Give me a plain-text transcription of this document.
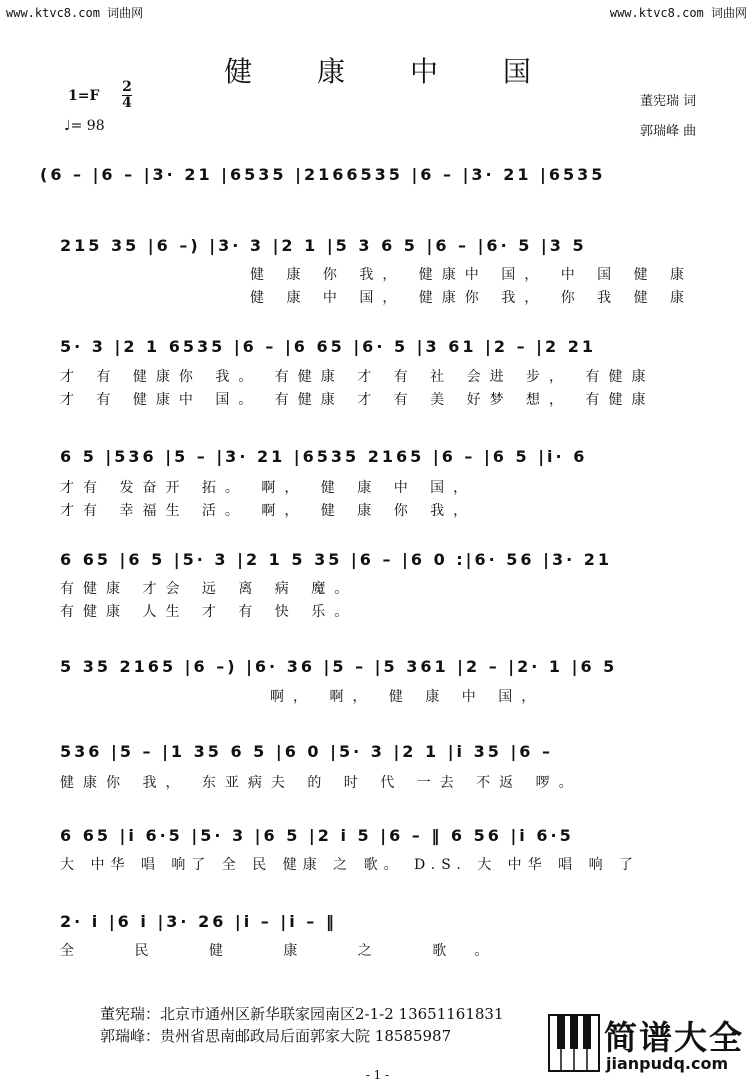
www.ktvc8.com 词曲网	www.ktvc8.com 词曲网
健 康 中 国
1=F
2
4
♩= 98
董宪瑞 词
郭瑞峰 曲
(6 – |6 – |3· 21 |6535 |2166535 |6 – |3· 21 |6535
215 35 |6 –) |3· 3 |2 1 |5 3 6 5 |6 – |6· 5 |3 5
健 康 你 我， 健康中 国， 中 国 健 康
健 康 中 国， 健康你 我， 你 我 健 康
5· 3 |2 1 6535 |6 – |6 65 |6· 5 |3 61 |2 – |2 21
才 有 健康你 我。 有健康 才 有 社 会进 步， 有健康
才 有 健康中 国。 有健康 才 有 美 好梦 想， 有健康
6 5 |536 |5 – |3· 21 |6535 2165 |6 – |6 5 |i· 6
才有 发奋开 拓。 啊， 健 康 中 国，
才有 幸福生 活。 啊， 健 康 你 我，
6 65 |6 5 |5· 3 |2 1 5 35 |6 – |6 0 :|6· 56 |3· 21
有健康 才会 远 离 病 魔。
有健康 人生 才 有 快 乐。
5 35 2165 |6 –) |6· 36 |5 – |5 361 |2 – |2· 1 |6 5
啊， 啊， 健 康 中 国，
536 |5 – |1 35 6 5 |6 0 |5· 3 |2 1 |i 35 |6 –
健康你 我， 东亚病夫 的 时 代 一去 不返 啰。
6 65 |i 6·5 |5· 3 |6 5 |2 i 5 |6 – ‖ 6 56 |i 6·5
大 中华 唱 响了 全 民 健康 之 歌。 D.S. 大 中华 唱 响 了
2· i |6 i |3· 26 |i – |i – ‖
全 民 健 康 之 歌。
董宪瑞：北京市通州区新华联家园南区2-1-2 13651161831
郭瑞峰：贵州省思南邮政局后面郭家大院 18585987	简谱大全
jianpudq.com
- 1 -
